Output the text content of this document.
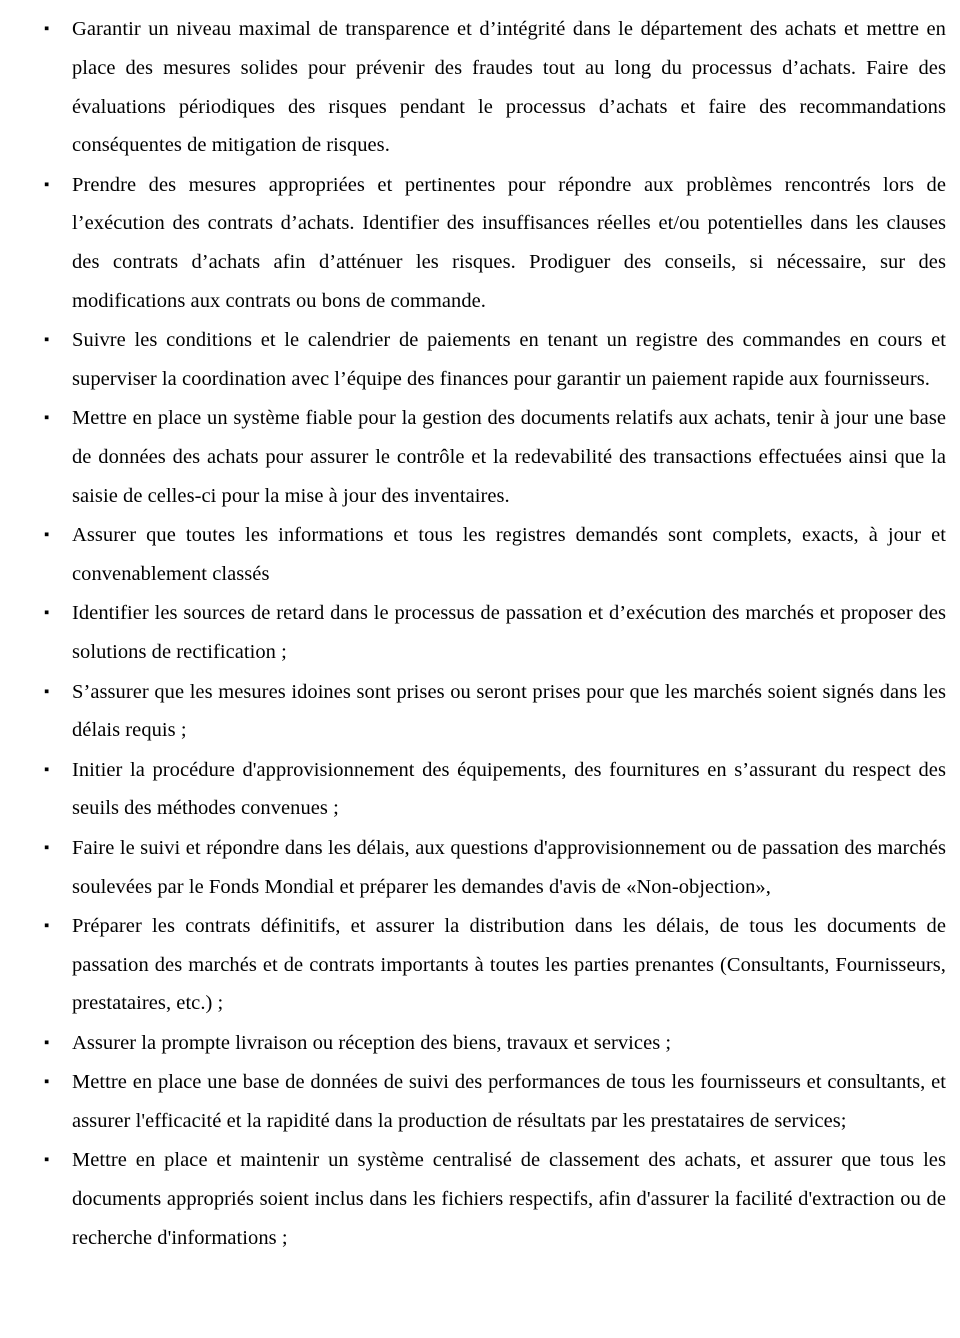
▪
Garantir un niveau maximal de transparence et d’intégrité dans le département des achats et mettre en place des mesures solides pour prévenir des fraudes tout au long du processus d’achats. Faire des évaluations périodiques des risques pendant le processus d’achats et faire des recommandations conséquentes de mitigation de risques.
▪
Prendre des mesures appropriées et pertinentes pour répondre aux problèmes rencontrés lors de l’exécution des contrats d’achats. Identifier des insuffisances réelles et/ou potentielles dans les clauses des contrats d’achats afin d’atténuer les risques. Prodiguer des conseils, si nécessaire, sur des modifications aux contrats ou bons de commande.
▪
Suivre les conditions et le calendrier de paiements en tenant un registre des commandes en cours et superviser la coordination avec l’équipe des finances pour garantir un paiement rapide aux fournisseurs.
▪
Mettre en place un système fiable pour la gestion des documents relatifs aux achats, tenir à jour une base de données des achats pour assurer le contrôle et la redevabilité des transactions effectuées ainsi que la saisie de celles-ci pour la mise à jour des inventaires.
▪
Assurer que toutes les informations et tous les registres demandés sont complets, exacts, à jour et convenablement classés
▪
Identifier les sources de retard dans le processus de passation et d’exécution des marchés et proposer des solutions de rectification ;
▪
S’assurer que les mesures idoines sont prises ou seront prises pour que les marchés soient signés dans les délais requis ;
▪
Initier la procédure d'approvisionnement des équipements, des fournitures en s’assurant du respect des seuils des méthodes convenues ;
▪
Faire le suivi et répondre dans les délais, aux questions d'approvisionnement ou de passation des marchés soulevées par le Fonds Mondial et préparer les demandes d'avis de «Non-objection»,
▪
Préparer les contrats définitifs, et assurer la distribution dans les délais, de tous les documents de passation des marchés et de contrats importants à toutes les parties prenantes (Consultants, Fournisseurs, prestataires, etc.) ;
▪
Assurer la prompte livraison ou réception des biens, travaux et services ;
▪
Mettre en place une base de données de suivi des performances de tous les fournisseurs et consultants, et assurer l'efficacité et la rapidité dans la production de résultats par les prestataires de services;
▪
Mettre en place et maintenir un système centralisé de classement des achats, et assurer que tous les documents appropriés soient inclus dans les fichiers respectifs, afin d'assurer la facilité d'extraction ou de recherche d'informations ;
